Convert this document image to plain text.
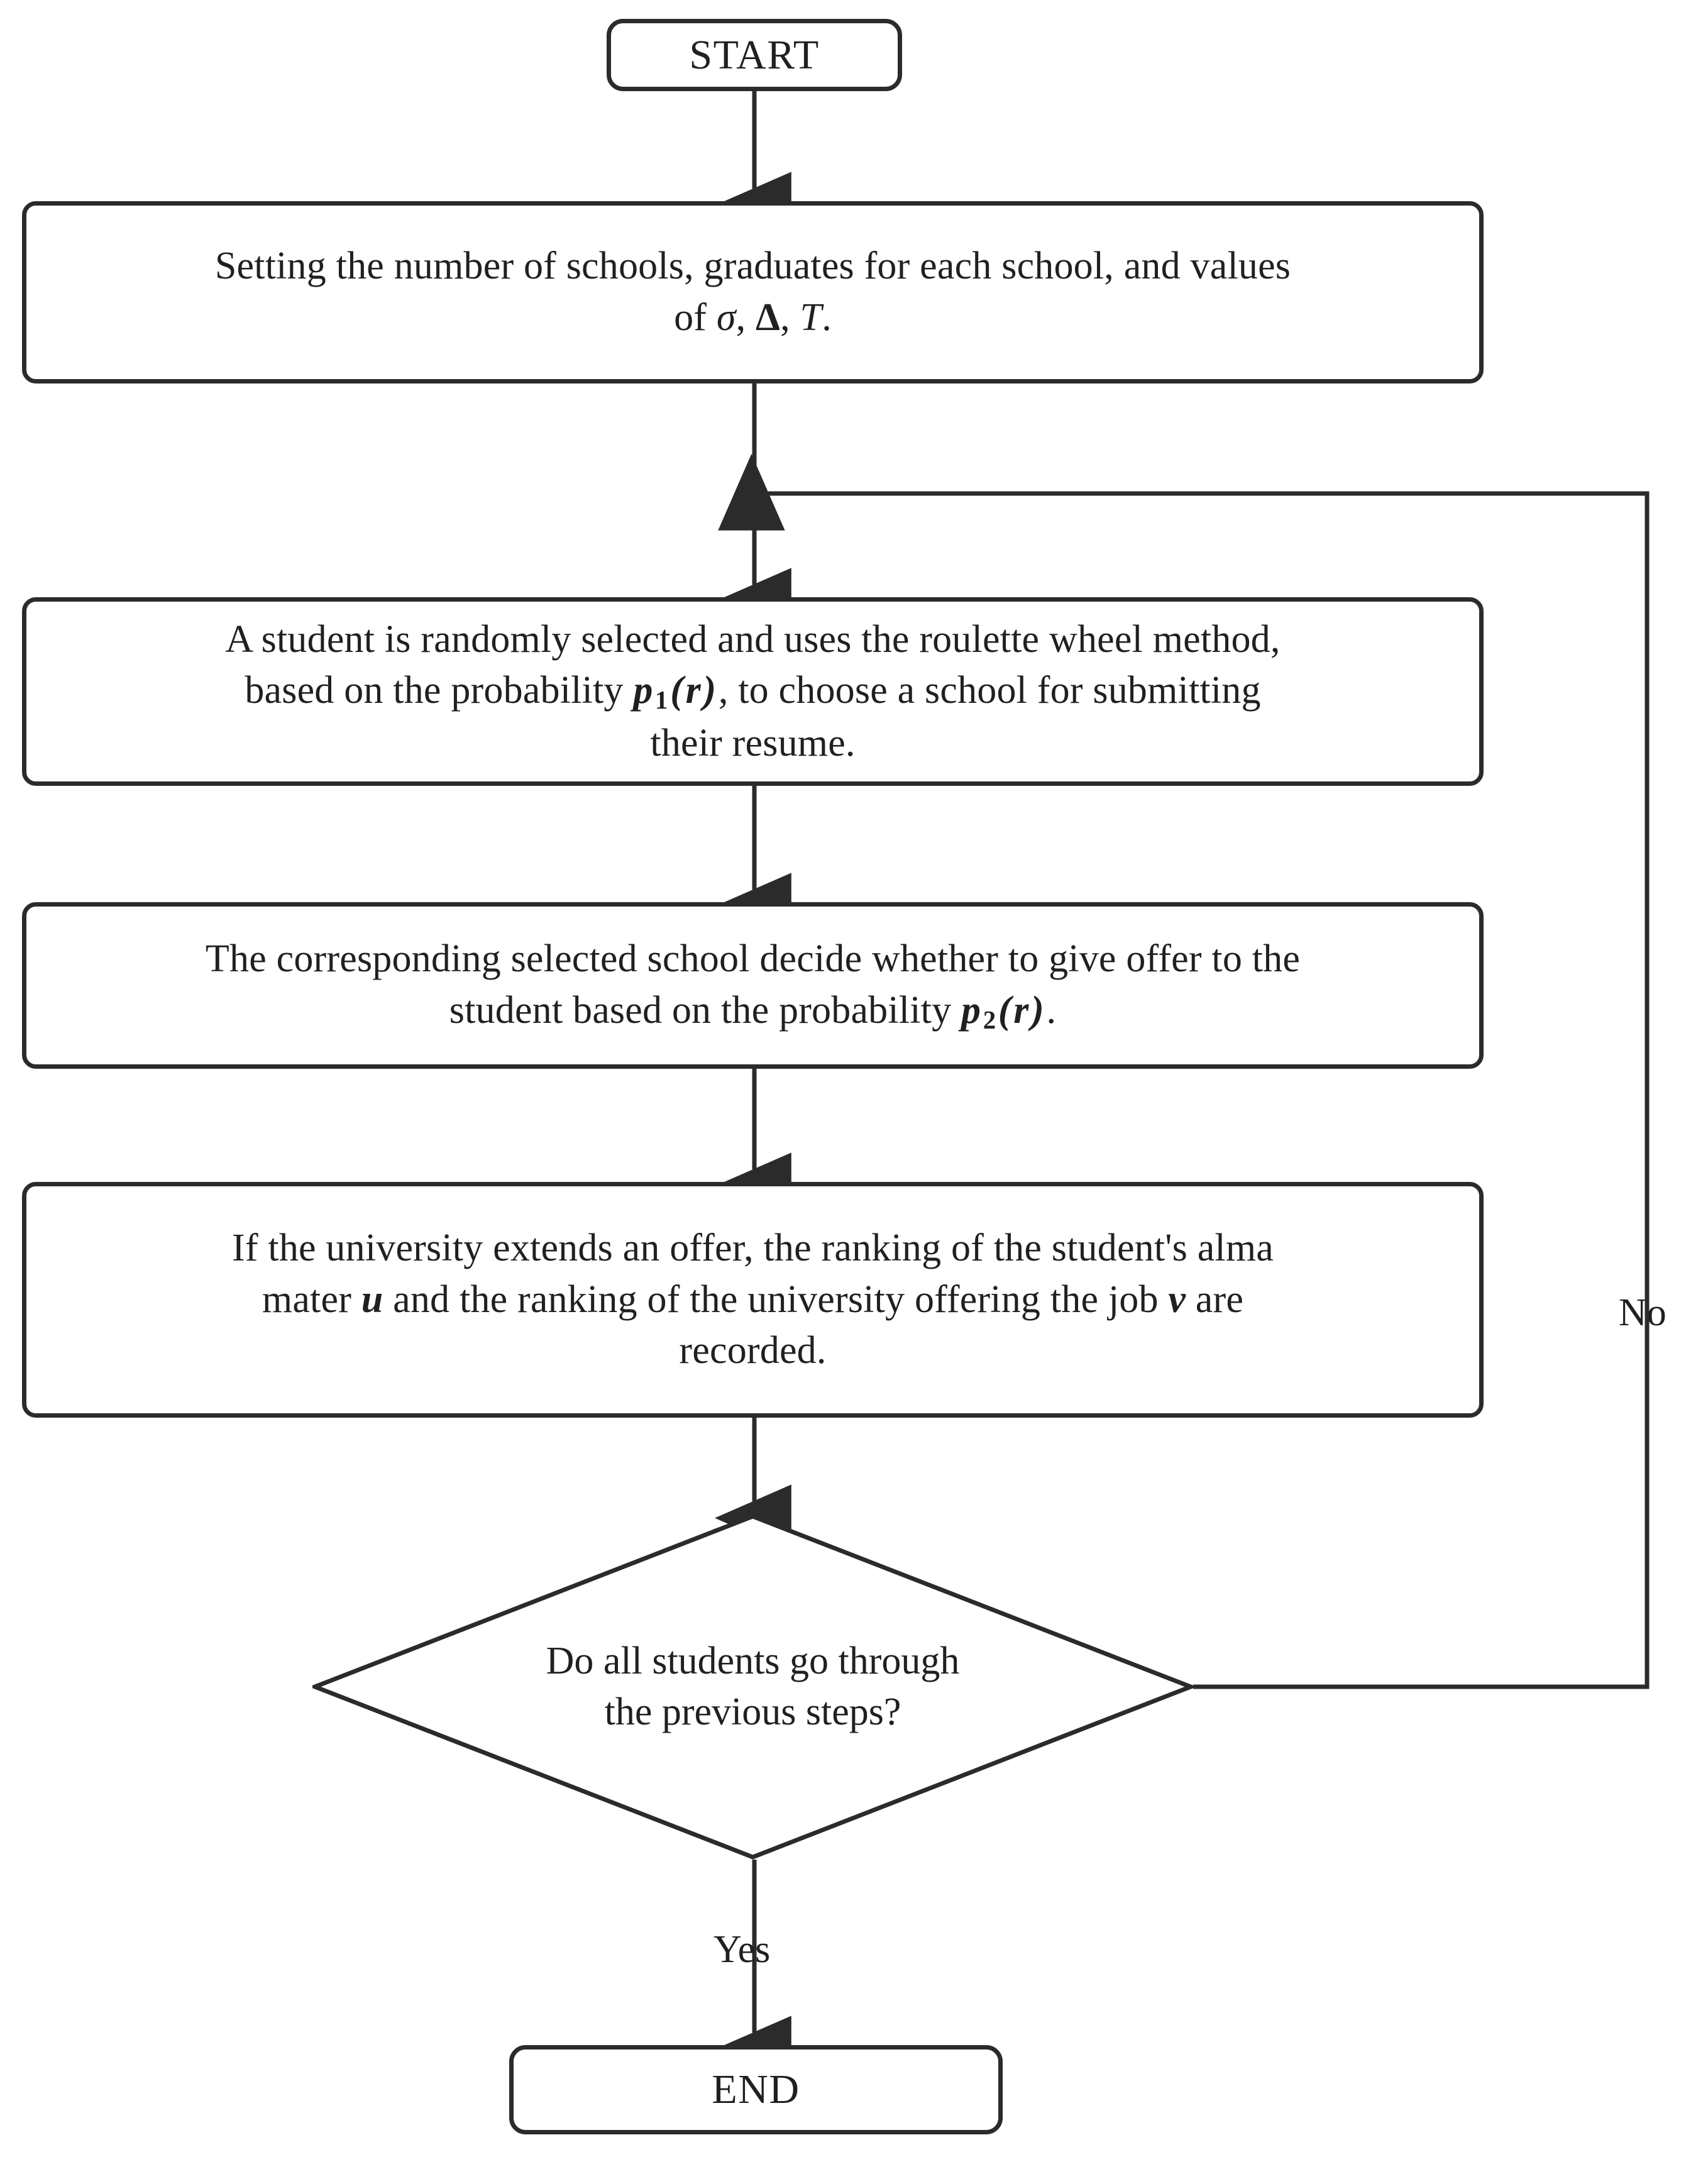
START
Setting the number of schools, graduates for each school, and values
of σ, Δ, T.
A student is randomly selected and uses the roulette wheel method,
based on the probability $p_1(r)$, to choose a school for submitting
their resume.
The corresponding selected school decide whether to give offer to the
student based on the probability $p_2(r)$.
If the university extends an offer, the ranking of the student's alma
mater u and the ranking of the university offering the job v are
recorded.
Do all students go through
the previous steps?
END
Yes
No
